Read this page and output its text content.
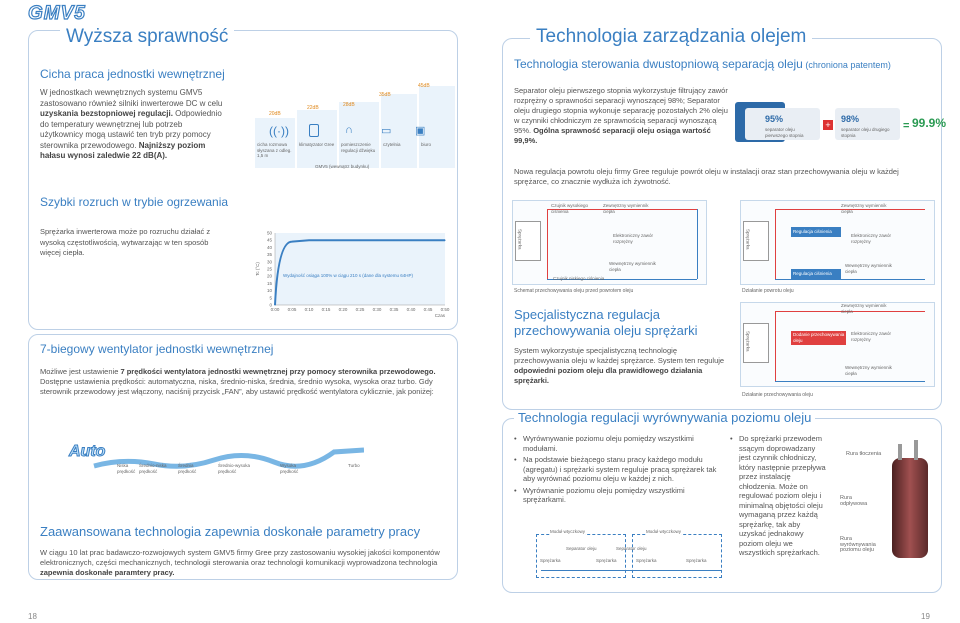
GMV5
18	19
Wyższa sprawność
Cicha praca jednostki wewnętrznej
W jednostkach wewnętrznych systemu GMV5 zastosowano również silniki inwerterowe DC w celu uzyskania bezstopniowej regulacji. Odpowiednio do temperatury wewnętrznej lub potrzeb użytkownicy mogą ustawić ten tryb przy pomocy sterownika przewodowego. Najniższy poziom hałasu wynosi zaledwie 22 dB(A).
20dB
22dB	28dB
35dB
45dB
((·))	∩	▭ ▣
cicha rozmowa słyszana z odleg. 1,5 m
klimatyzator Gree	pomieszczenie regulacji dźwięku
czytelnia	biuro
GMV5 (wewnątrz budynku)
Szybki rozruch w trybie ogrzewania
Sprężarka inwerterowa może po rozruchu działać z wysoką częstotliwością, wytwarzając w ten sposób więcej ciepła.
50
45
40
35
30
25
20
15
10
5
0
0:00 0:05 0:10 0:15 0:20 0:25 0:30 0:35 0:40 0:45 0:50
Czas
Tc (°C)	Wydajność osiąga 100% w ciągu 210 s (dane dla systemu 64HP)
7-biegowy wentylator jednostki wewnętrznej
Możliwe jest ustawienie 7 prędkości wentylatora jednostki wewnętrznej przy pomocy sterownika przewodowego. Dostępne ustawienia prędkości: automatyczna, niska, średnio-niska, średnia, średnio wysoka, wysoka oraz turbo. Gdy sterownik przewodowy jest włączony, naciśnij przycisk „FAN”, aby ustawić prędkość wentylatora cyklicznie, jak poniżej:
Auto
Niska prędkość
Średnio-niska prędkość
Średnia prędkość
Średnio-wysoka prędkość
Wysoka prędkość
Turbo
Zaawansowana technologia zapewnia doskonałe parametry pracy
W ciągu 10 lat prac badawczo-rozwojowych system GMV5 firmy Gree przy zastosowaniu wysokiej jakości komponentów elektronicznych, części mechanicznych, technologii sterowania oraz technologii komunikacji wyprowadzona technologia zapewnia doskonałe paramtery pracy.
Technologia zarządzania olejem
Technologia sterowania dwustopniową separacją oleju (chroniona patentem)
Separator oleju pierwszego stopnia wykorzystuje filtrujący zawór rozprężny o sprawności separacji wynoszącej 98%; Separator oleju drugiego stopnia wykonuje separację pozostałych 2% oleju w czynniki chłodniczym ze sprawnością separacji wynoszącą 95%. Ogólna sprawność separacji oleju osiąga wartość 99,9%.
95%
separator oleju pierwszego stopnia
+
98%
separator oleju drugiego stopnia
= 99.9%
Nowa regulacja powrotu oleju firmy Gree reguluje powrót oleju w instalacji oraz stan przechowywania oleju w każdej sprężarce, co znacznie wydłuża ich żywotność.
Czujnik wysokiego ciśnienia
Zewnętrzny wymiennik ciepła
Elektroniczny zawór rozprężny
Wewnętrzny wymiennik ciepła
Czujnik niskiego ciśnienia
Sprężarka
Schemat przechowywania oleju przed powrotem oleju
Zewnętrzny wymiennik ciepła
Regulacja ciśnienia
Elektroniczny zawór rozprężny
Regulacja ciśnienia
Wewnętrzny wymiennik ciepła
Sprężarka
Działanie powrotu oleju
Zewnętrzny wymiennik ciepła
Elektroniczny zawór rozprężny
Dodanie przechowywania oleju
Wewnętrzny wymiennik ciepła
Sprężarka
Działanie przechowywania oleju
Specjalistyczna regulacja przechowywania oleju sprężarki
System wykorzystuje specjalistyczną technologię przechowywania oleju w każdej sprężarce. System ten reguluje odpowiedni poziom oleju dla prawidłowego działania sprężarki.
Technologia regulacji wyrównywania poziomu oleju
• Wyrównywanie poziomu oleju pomiędzy wszystkimi modułami.
• Na podstawie bieżącego stanu pracy każdego modułu (agregatu) i sprężarki system reguluje pracą sprężarek tak aby wyrównać poziomu oleju w każdej z nich.
• Wyrównanie poziomu oleju pomiędzy wszystkimi sprężarkami.
• Do sprężarki przewodem ssącym doprowadzany jest czynnik chłodniczy, który następnie przepływa przez instalację chłodzenia. Może on regulować poziom oleju i minimalną objętości oleju wymaganą przez każdą sprężarkę, tak aby uzyskać jednakowy poziom oleju we wszystkich sprężarkach.
Moduł wtyczkowy	Moduł wtyczkowy
Separator oleju	Separator oleju
Sprężarka	Sprężarka	Sprężarka	Sprężarka
Rura tłoczenia
Rura odpływowa
Rura wyrównywania poziomu oleju
